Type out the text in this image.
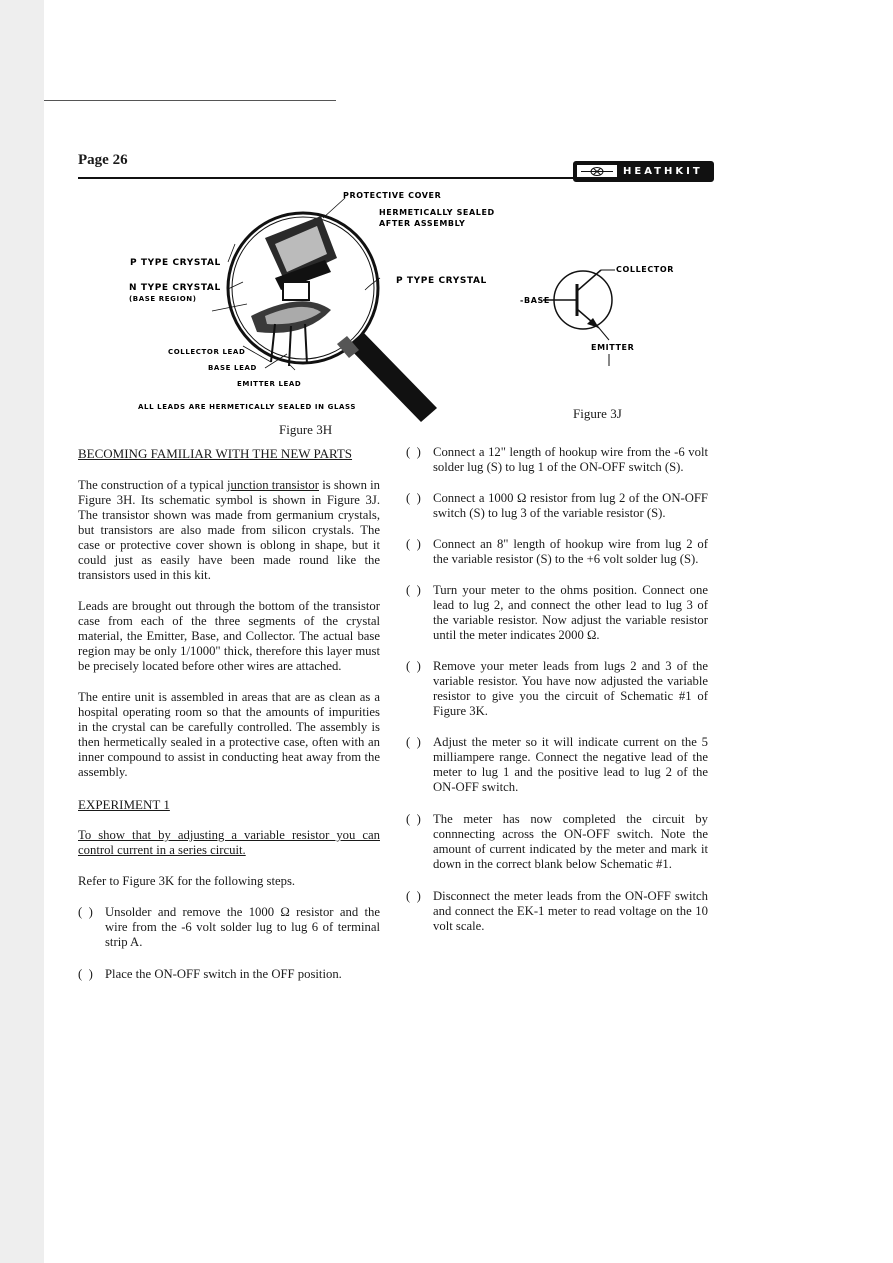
Page 26
HEATHKIT
PROTECTIVE COVER
HERMETICALLY SEALED
AFTER ASSEMBLY
P TYPE CRYSTAL
N TYPE CRYSTAL
(BASE REGION)
P TYPE CRYSTAL
COLLECTOR LEAD
BASE LEAD
EMITTER LEAD
ALL LEADS ARE HERMETICALLY SEALED IN GLASS
Figure 3H
COLLECTOR
- BASE
EMITTER
Figure 3J

BECOMING FAMILIAR WITH THE NEW PARTS

The construction of a typical junction transistor is shown in Figure 3H. Its schematic symbol is shown in Figure 3J. The transistor shown was made from germanium crystals, but transistors are also made from silicon crystals. The case or protective cover shown is oblong in shape, but it could just as easily have been made round like the transistors used in this kit.

Leads are brought out through the bottom of the transistor case from each of the three segments of the crystal material, the Emitter, Base, and Collector. The actual base region may be only 1/1000" thick, therefore this layer must be precisely located before other wires are attached.

The entire unit is assembled in areas that are as clean as a hospital operating room so that the amounts of impurities in the crystal can be carefully controlled. The assembly is then hermetically sealed in a protective case, often with an inner compound to assist in conducting heat away from the assembly.

EXPERIMENT 1

To show that by adjusting a variable resistor you can control current in a series circuit.

Refer to Figure 3K for the following steps.

(  ) Unsolder and remove the 1000 Ω resistor and the wire from the -6 volt solder lug to lug 6 of terminal strip A.
(  ) Place the ON-OFF switch in the OFF position.
(  ) Connect a 12" length of hookup wire from the -6 volt solder lug (S) to lug 1 of the ON-OFF switch (S).
(  ) Connect a 1000 Ω resistor from lug 2 of the ON-OFF switch (S) to lug 3 of the variable resistor (S).
(  ) Connect an 8" length of hookup wire from lug 2 of the variable resistor (S) to the +6 volt solder lug (S).
(  ) Turn your meter to the ohms position. Connect one lead to lug 2, and connect the other lead to lug 3 of the variable resistor. Now adjust the variable resistor until the meter indicates 2000 Ω.
(  ) Remove your meter leads from lugs 2 and 3 of the variable resistor. You have now adjusted the variable resistor to give you the circuit of Schematic #1 of Figure 3K.
(  ) Adjust the meter so it will indicate current on the 5 milliampere range. Connect the negative lead of the meter to lug 1 and the positive lead to lug 2 of the ON-OFF switch.
(  ) The meter has now completed the circuit by connnecting across the ON-OFF switch. Note the amount of current indicated by the meter and mark it down in the correct blank below Schematic #1.
(  ) Disconnect the meter leads from the ON-OFF switch and connect the EK-1 meter to read voltage on the 10 volt scale.
